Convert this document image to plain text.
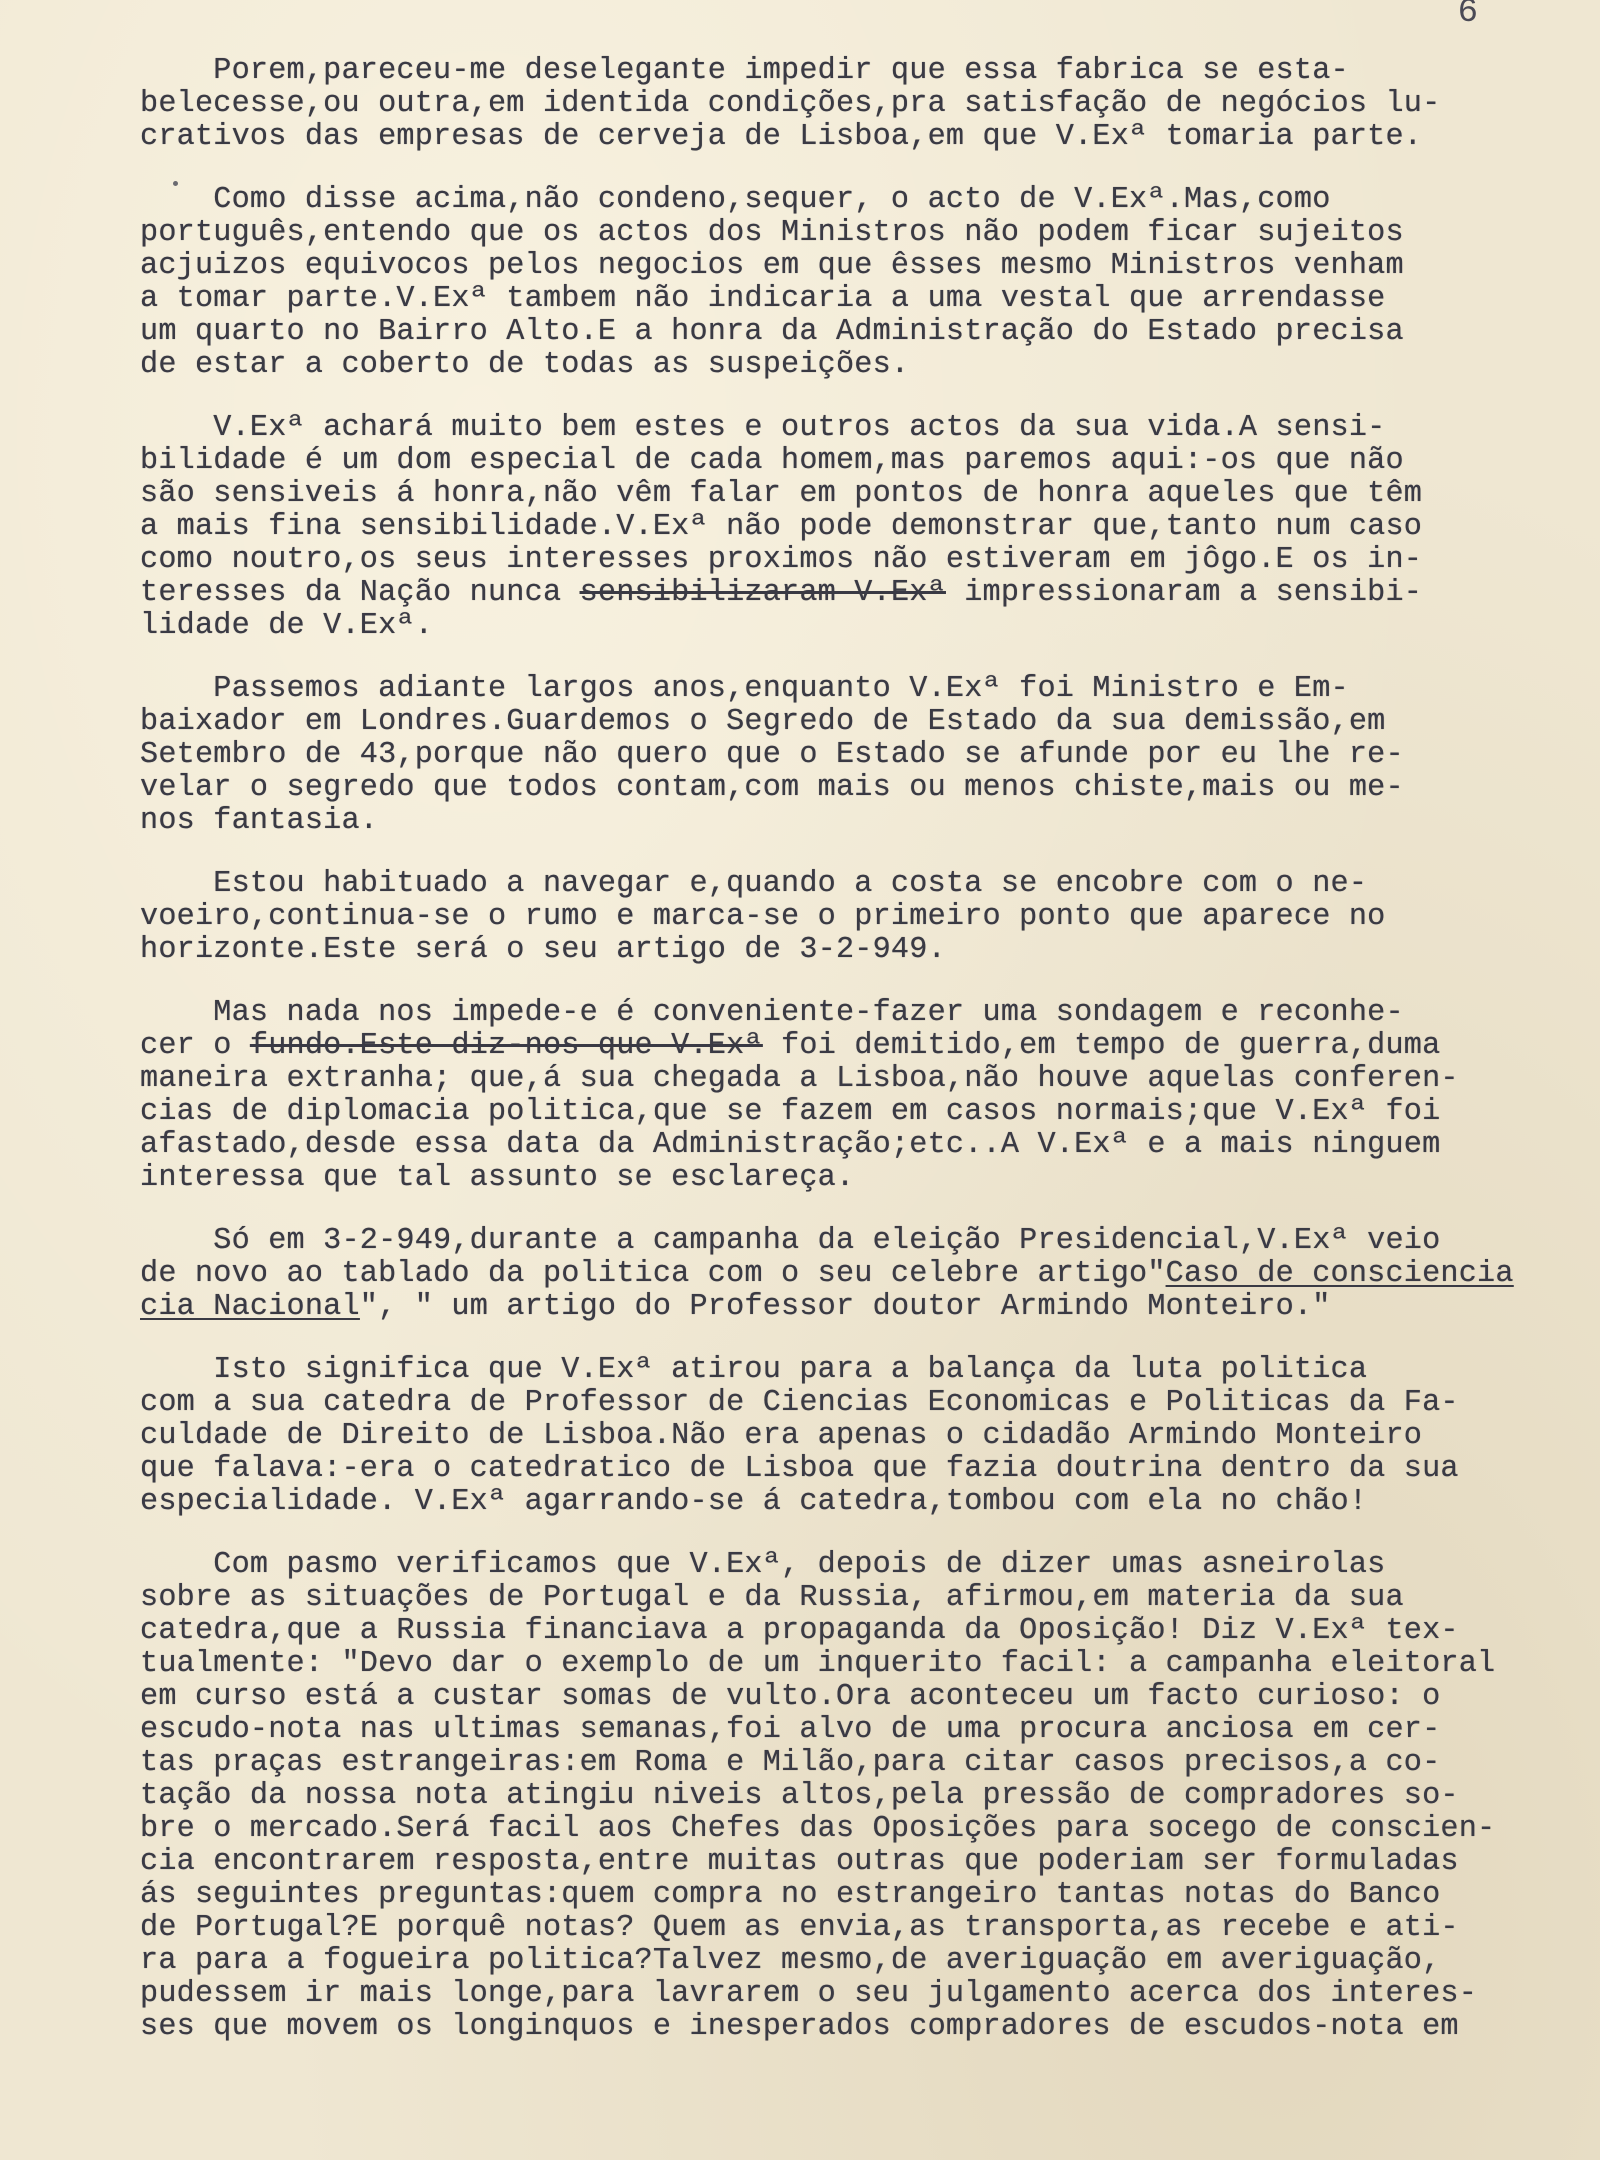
6
Porem,pareceu-me deselegante impedir que essa fabrica se esta-
belecesse,ou outra,em identida condições,pra satisfação de negócios lu-
crativos das empresas de cerveja de Lisboa,em que V.Exª tomaria parte.
Como disse acima,não condeno,sequer, o acto de V.Exª.Mas,como
português,entendo que os actos dos Ministros não podem ficar sujeitos
acjuizos equivocos pelos negocios em que êsses mesmo Ministros venham
a tomar parte.V.Exª tambem não indicaria a uma vestal que arrendasse
um quarto no Bairro Alto.E a honra da Administração do Estado precisa
de estar a coberto de todas as suspeições.
V.Exª achará muito bem estes e outros actos da sua vida.A sensi-
bilidade é um dom especial de cada homem,mas paremos aqui:-os que não
são sensiveis á honra,não vêm falar em pontos de honra aqueles que têm
a mais fina sensibilidade.V.Exª não pode demonstrar que,tanto num caso
como noutro,os seus interesses proximos não estiveram em jôgo.E os in-
teresses da Nação nunca sensibilizaram V.Exª impressionaram a sensibi-
lidade de V.Exª.
Passemos adiante largos anos,enquanto V.Exª foi Ministro e Em-
baixador em Londres.Guardemos o Segredo de Estado da sua demissão,em
Setembro de 43,porque não quero que o Estado se afunde por eu lhe re-
velar o segredo que todos contam,com mais ou menos chiste,mais ou me-
nos fantasia.
Estou habituado a navegar e,quando a costa se encobre com o ne-
voeiro,continua-se o rumo e marca-se o primeiro ponto que aparece no
horizonte.Este será o seu artigo de 3-2-949.
Mas nada nos impede-e é conveniente-fazer uma sondagem e reconhe-
cer o fundo.Este diz-nos que V.Exª foi demitido,em tempo de guerra,duma
maneira extranha; que,á sua chegada a Lisboa,não houve aquelas conferen-
cias de diplomacia politica,que se fazem em casos normais;que V.Exª foi
afastado,desde essa data da Administração;etc..A V.Exª e a mais ninguem
interessa que tal assunto se esclareça.
Só em 3-2-949,durante a campanha da eleição Presidencial,V.Exª veio
de novo ao tablado da politica com o seu celebre artigo"Caso de consciencia
cia Nacional", " um artigo do Professor doutor Armindo Monteiro."
Isto significa que V.Exª atirou para a balança da luta politica
com a sua catedra de Professor de Ciencias Economicas e Politicas da Fa-
culdade de Direito de Lisboa.Não era apenas o cidadão Armindo Monteiro
que falava:-era o catedratico de Lisboa que fazia doutrina dentro da sua
especialidade. V.Exª agarrando-se á catedra,tombou com ela no chão!
Com pasmo verificamos que V.Exª, depois de dizer umas asneirolas
sobre as situações de Portugal e da Russia, afirmou,em materia da sua
catedra,que a Russia financiava a propaganda da Oposição! Diz V.Exª tex-
tualmente: "Devo dar o exemplo de um inquerito facil: a campanha eleitoral
em curso está a custar somas de vulto.Ora aconteceu um facto curioso: o
escudo-nota nas ultimas semanas,foi alvo de uma procura anciosa em cer-
tas praças estrangeiras:em Roma e Milão,para citar casos precisos,a co-
tação da nossa nota atingiu niveis altos,pela pressão de compradores so-
bre o mercado.Será facil aos Chefes das Oposições para socego de conscien-
cia encontrarem resposta,entre muitas outras que poderiam ser formuladas
ás seguintes preguntas:quem compra no estrangeiro tantas notas do Banco
de Portugal?E porquê notas? Quem as envia,as transporta,as recebe e ati-
ra para a fogueira politica?Talvez mesmo,de averiguação em averiguação,
pudessem ir mais longe,para lavrarem o seu julgamento acerca dos interes-
ses que movem os longinquos e inesperados compradores de escudos-nota em
